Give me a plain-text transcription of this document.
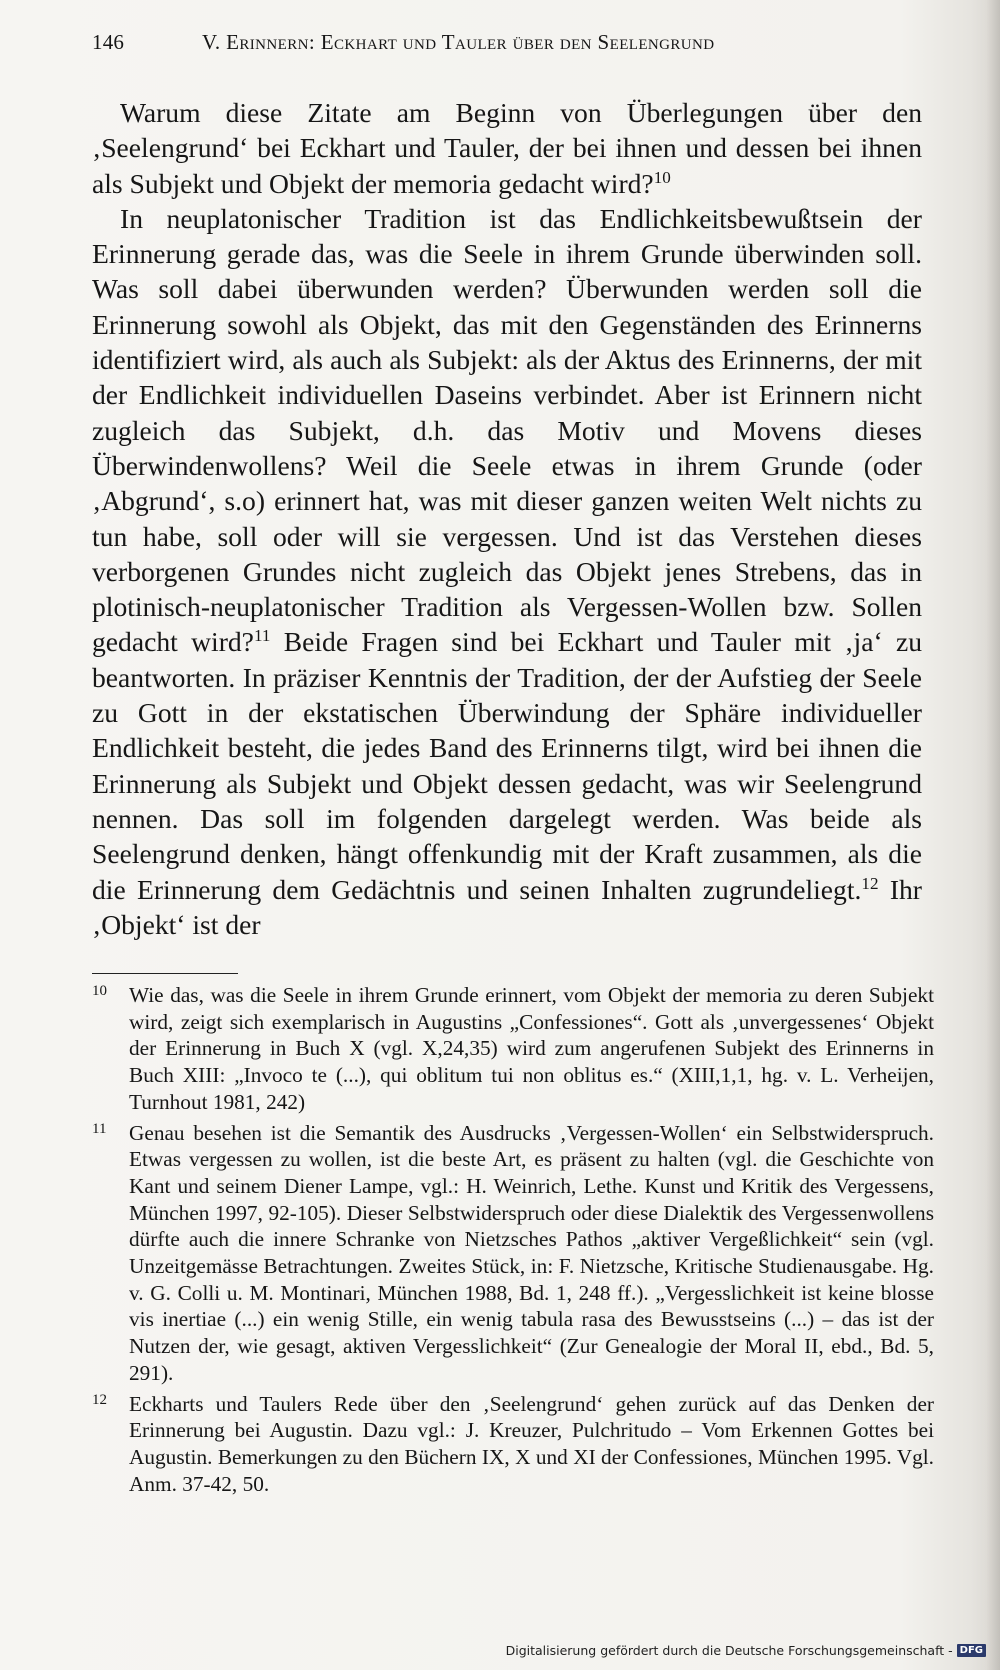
146	V. Erinnern: Eckhart und Tauler über den Seelengrund

Warum diese Zitate am Beginn von Überlegungen über den ‚Seelengrund‘ bei Eckhart und Tauler, der bei ihnen und dessen bei ihnen als Subjekt und Objekt der memoria gedacht wird?$^{10}$

In neuplatonischer Tradition ist das Endlichkeitsbewußtsein der Erinnerung gerade das, was die Seele in ihrem Grunde überwinden soll. Was soll dabei überwunden werden? Überwunden werden soll die Erinnerung sowohl als Objekt, das mit den Gegenständen des Erinnerns identifiziert wird, als auch als Subjekt: als der Aktus des Erinnerns, der mit der Endlichkeit individuellen Daseins verbindet. Aber ist Erinnern nicht zugleich das Subjekt, d.h. das Motiv und Movens dieses Überwindenwollens? Weil die Seele etwas in ihrem Grunde (oder ‚Abgrund‘, s.o) erinnert hat, was mit dieser ganzen weiten Welt nichts zu tun habe, soll oder will sie vergessen. Und ist das Verstehen dieses verborgenen Grundes nicht zugleich das Objekt jenes Strebens, das in plotinisch-neuplatonischer Tradition als Vergessen-Wollen bzw. Sollen gedacht wird?$^{11}$ Beide Fragen sind bei Eckhart und Tauler mit ‚ja‘ zu beantworten. In präziser Kenntnis der Tradition, der der Aufstieg der Seele zu Gott in der ekstatischen Überwindung der Sphäre individueller Endlichkeit besteht, die jedes Band des Erinnerns tilgt, wird bei ihnen die Erinnerung als Subjekt und Objekt dessen gedacht, was wir Seelengrund nennen. Das soll im folgenden dargelegt werden. Was beide als Seelengrund denken, hängt offenkundig mit der Kraft zusammen, als die die Erinnerung dem Gedächtnis und seinen Inhalten zugrundeliegt.$^{12}$ Ihr ‚Objekt‘ ist der

10 Wie das, was die Seele in ihrem Grunde erinnert, vom Objekt der memoria zu deren Subjekt wird, zeigt sich exemplarisch in Augustins „Confessiones“. Gott als ‚unvergessenes‘ Objekt der Erinnerung in Buch X (vgl. X,24,35) wird zum angerufenen Subjekt des Erinnerns in Buch XIII: „Invoco te (...), qui oblitum tui non oblitus es.“ (XIII,1,1, hg. v. L. Verheijen, Turnhout 1981, 242)
11 Genau besehen ist die Semantik des Ausdrucks ‚Vergessen-Wollen‘ ein Selbstwiderspruch. Etwas vergessen zu wollen, ist die beste Art, es präsent zu halten (vgl. die Geschichte von Kant und seinem Diener Lampe, vgl.: H. Weinrich, Lethe. Kunst und Kritik des Vergessens, München 1997, 92-105). Dieser Selbstwiderspruch oder diese Dialektik des Vergessenwollens dürfte auch die innere Schranke von Nietzsches Pathos „aktiver Vergeßlichkeit“ sein (vgl. Unzeitgemässe Betrachtungen. Zweites Stück, in: F. Nietzsche, Kritische Studienausgabe. Hg. v. G. Colli u. M. Montinari, München 1988, Bd. 1, 248 ff.). „Vergesslichkeit ist keine blosse vis inertiae (...) ein wenig Stille, ein wenig tabula rasa des Bewusstseins (...) – das ist der Nutzen der, wie gesagt, aktiven Vergesslichkeit“ (Zur Genealogie der Moral II, ebd., Bd. 5, 291).
12 Eckharts und Taulers Rede über den ‚Seelengrund‘ gehen zurück auf das Denken der Erinnerung bei Augustin. Dazu vgl.: J. Kreuzer, Pulchritudo – Vom Erkennen Gottes bei Augustin. Bemerkungen zu den Büchern IX, X und XI der Confessiones, München 1995. Vgl. Anm. 37-42, 50.
Digitalisierung gefördert durch die Deutsche Forschungsgemeinschaft - DFG
